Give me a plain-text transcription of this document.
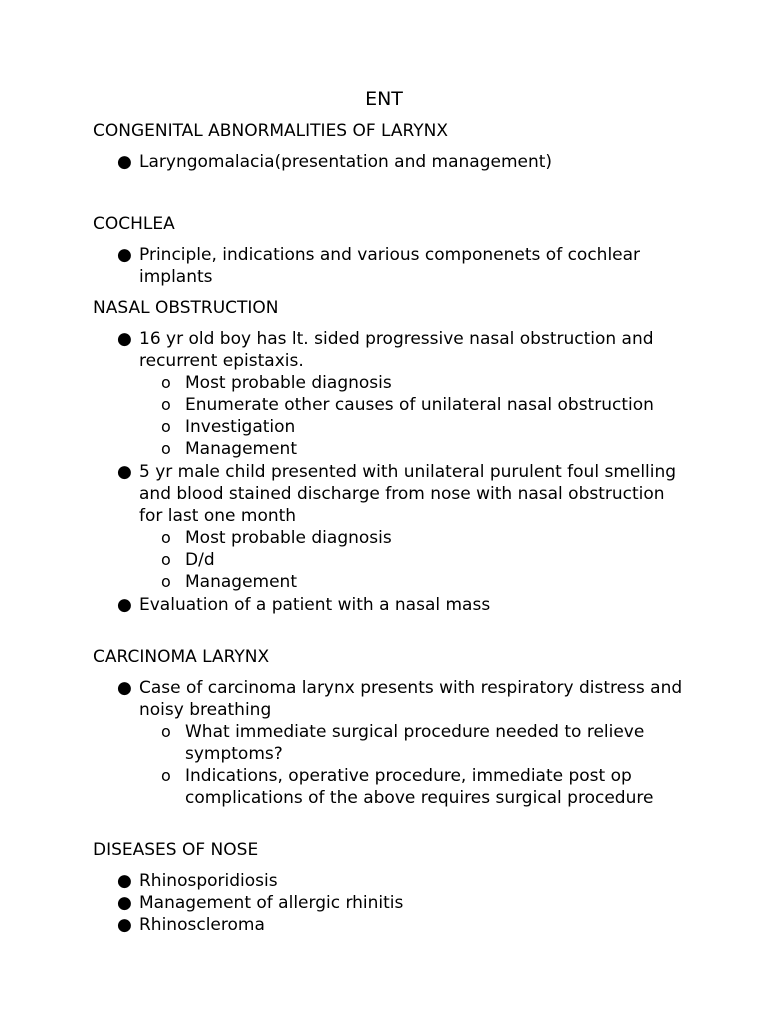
ENT
CONGENITAL ABNORMALITIES OF LARYNX
● Laryngomalacia(presentation and management)
COCHLEA
● Principle, indications and various componenets of cochlear implants
NASAL OBSTRUCTION
● 16 yr old boy has lt. sided progressive nasal obstruction and recurrent epistaxis.
o Most probable diagnosis
o Enumerate other causes of unilateral nasal obstruction
o Investigation
o Management
● 5 yr male child presented with unilateral purulent foul smelling and blood stained discharge from nose with nasal obstruction for last one month
o Most probable diagnosis
o D/d
o Management
● Evaluation of a patient with a nasal mass
CARCINOMA LARYNX
● Case of carcinoma larynx presents with respiratory distress and noisy breathing
o What immediate surgical procedure needed to relieve symptoms?
o Indications, operative procedure, immediate post op complications of the above requires surgical procedure
DISEASES OF NOSE
● Rhinosporidiosis
● Management of allergic rhinitis
● Rhinoscleroma
